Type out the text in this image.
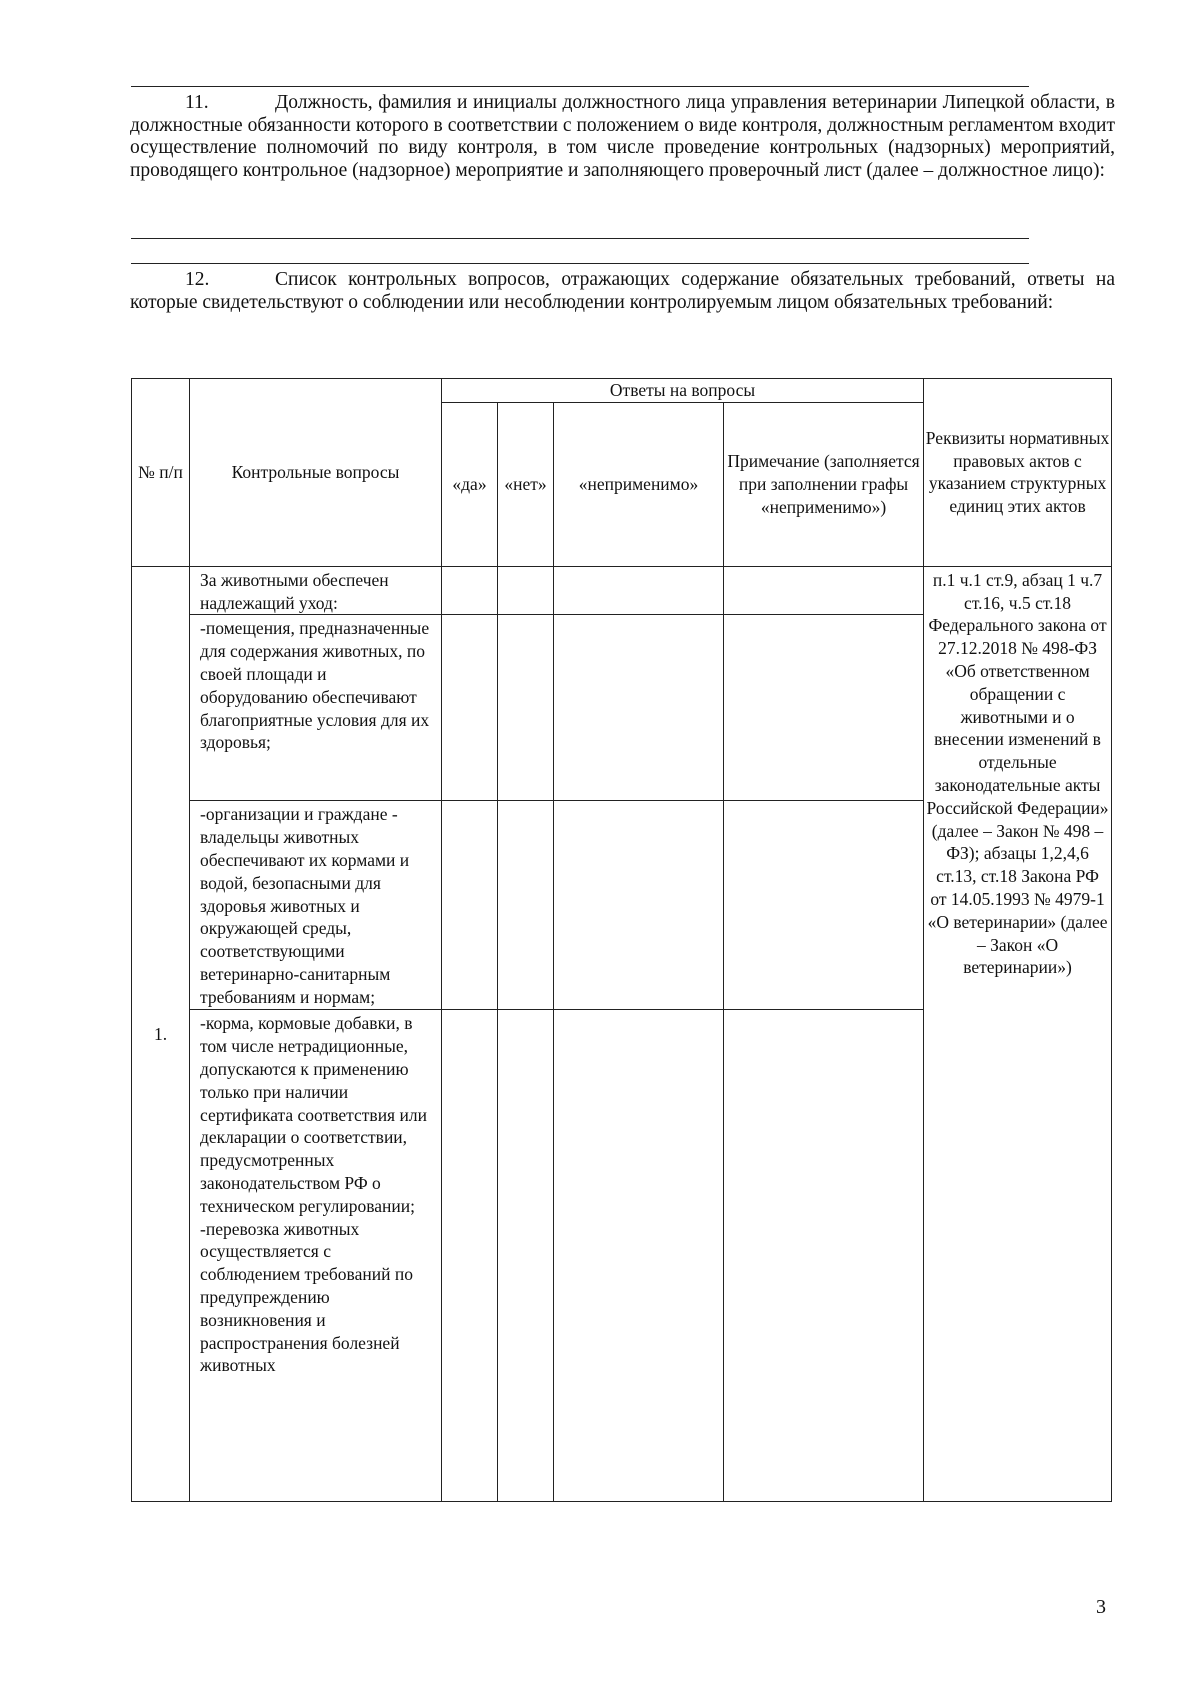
11.	Должность, фамилия и инициалы должностного лица управления ветеринарии Липецкой области, в должностные обязанности которого в соответствии с положением о виде контроля, должностным регламентом входит осуществление полномочий по виду контроля, в том числе проведение контрольных (надзорных) мероприятий, проводящего контрольное (надзорное) мероприятие и заполняющего проверочный лист (далее – должностное лицо):
12.	Список контрольных вопросов, отражающих содержание обязательных требований, ответы на которые свидетельствуют о соблюдении или несоблюдении контролируемым лицом обязательных требований:
№ п/п	Контрольные вопросы	Ответы на вопросы				Реквизиты нормативных правовых актов с указанием структурных единиц этих актов
		«да»	«нет»	«неприменимо»	Примечание (заполняется при заполнении графы «неприменимо»)	
1.	За животными обеспечен надлежащий уход:					п.1 ч.1 ст.9, абзац 1 ч.7 ст.16, ч.5 ст.18 Федерального закона от 27.12.2018 № 498-ФЗ «Об ответственном обращении с животными и о внесении изменений в отдельные законодательные акты Российской Федерации» (далее – Закон № 498 – ФЗ); абзацы 1,2,4,6 ст.13, ст.18 Закона РФ от 14.05.1993 № 4979-1 «О ветеринарии» (далее – Закон «О ветеринарии»)
	-помещения, предназначенные для содержания животных, по своей площади и оборудованию обеспечивают благоприятные условия для их здоровья;					
	-организации и граждане - владельцы животных обеспечивают их кормами и водой, безопасными для здоровья животных и окружающей среды, соответствующими ветеринарно-санитарным требованиям и нормам;					
	-корма, кормовые добавки, в том числе нетрадиционные, допускаются к применению только при наличии сертификата соответствия или декларации о соответствии, предусмотренных законодательством РФ о техническом регулировании; -перевозка животных осуществляется с соблюдением требований по предупреждению возникновения и распространения болезней животных					
3
